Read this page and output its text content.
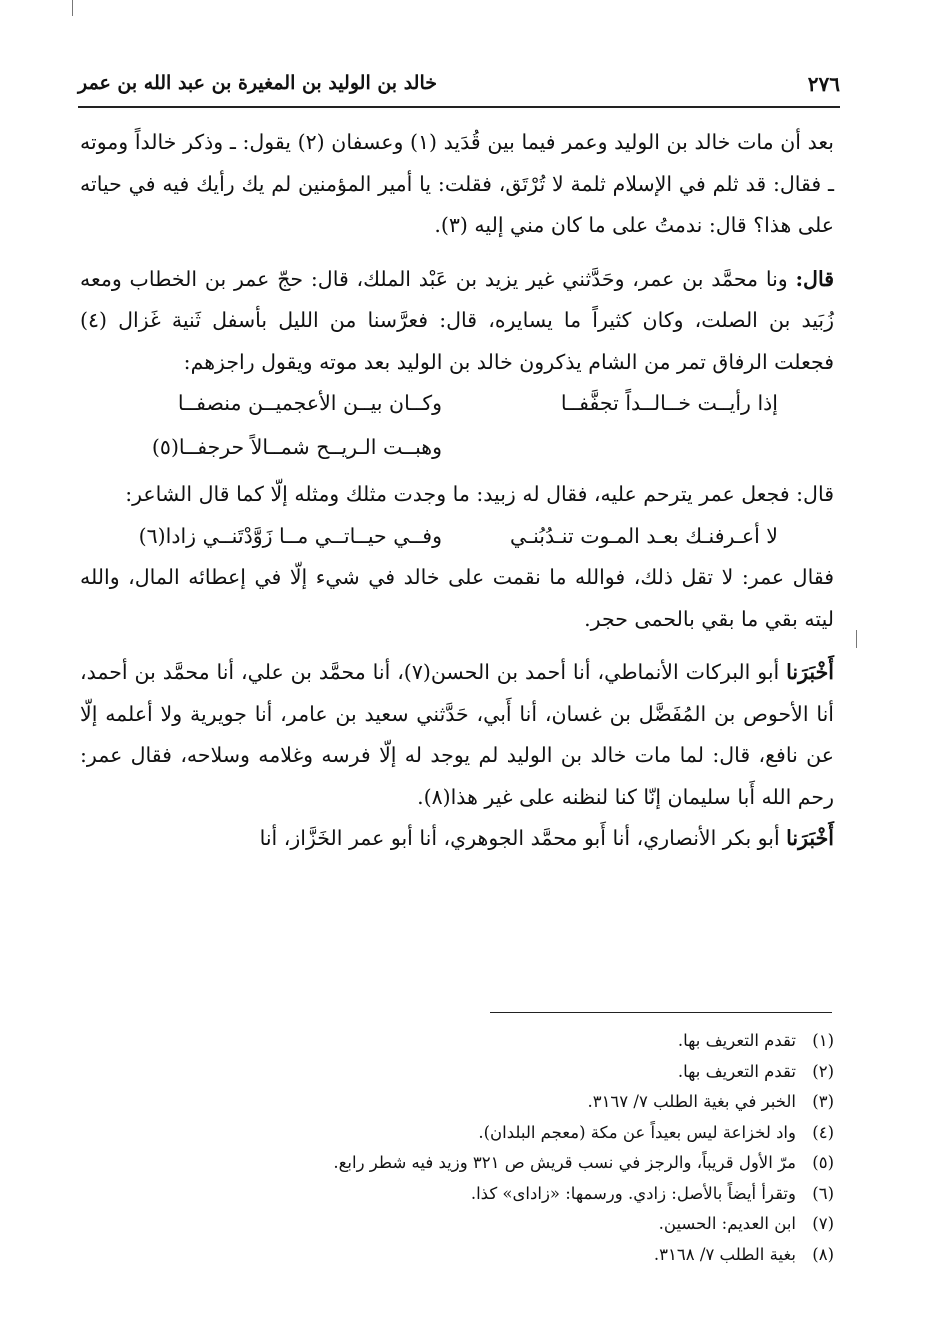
٢٧٦
خالد بن الوليد بن المغيرة بن عبد الله بن عمر

بعد أن مات خالد بن الوليد وعمر فيما بين قُدَيد (١) وعسفان (٢) يقول: ـ وذكر خالداً وموته ـ فقال: قد ثلم في الإسلام ثلمة لا تُرْتَق، فقلت: يا أمير المؤمنين لم يك رأيك فيه في حياته على هذا؟ قال: ندمتُ على ما كان مني إليه (٣).

قال: ونا محمَّد بن عمر، وحَدَّثني غير يزيد بن عَبْد الملك، قال: حجّ عمر بن الخطاب ومعه زُبَيد بن الصلت، وكان كثيراً ما يسايره، قال: فعرَّسنا من الليل بأسفل ثَنية غَزال (٤) فجعلت الرفاق تمر من الشام يذكرون خالد بن الوليد بعد موته ويقول راجزهم:

إذا رأيــت خــالــداً تجفَّفــا
وكــان بيــن الأعجميــن منصفــا
وهبــت الـريــح شمــالاً حرجفــا(٥)

قال: فجعل عمر يترحم عليه، فقال له زبيد: ما وجدت مثلك ومثله إلّا كما قال الشاعر:

لا أعـرفنـك بعـد المـوت تنـدُبُنـي
وفــي حيــاتــي مــا زَوَّدْتَنــي زادا(٦)

فقال عمر: لا تقل ذلك، فوالله ما نقمت على خالد في شيء إلّا في إعطائه المال، والله ليته بقي ما بقي بالحمى حجر.

أَخْبَرَنا أبو البركات الأنماطي، أنا أحمد بن الحسن(٧)، أنا محمَّد بن علي، أنا محمَّد بن أحمد، أنا الأحوص بن المُفَضَّل بن غسان، أنا أَبي، حَدَّثني سعيد بن عامر، أنا جويرية ولا أعلمه إلّا عن نافع، قال: لما مات خالد بن الوليد لم يوجد له إلّا فرسه وغلامه وسلاحه، فقال عمر: رحم الله أَبا سليمان إنّا كنا لنظنه على غير هذا(٨).

أَخْبَرَنا أبو بكر الأنصاري، أنا أَبو محمَّد الجوهري، أنا أبو عمر الخَزَّاز، أنا

(١)تقدم التعريف بها.
(٢)تقدم التعريف بها.
(٣)الخبر في بغية الطلب ٧/ ٣١٦٧.
(٤)واد لخزاعة ليس بعيداً عن مكة (معجم البلدان).
(٥)مرّ الأول قريباً، والرجز في نسب قريش ص ٣٢١ وزيد فيه شطر رابع.
(٦)وتقرأ أيضاً بالأصل: زادي. ورسمها: «زاداى» كذا.
(٧)ابن العديم: الحسين.
(٨)بغية الطلب ٧/ ٣١٦٨.
